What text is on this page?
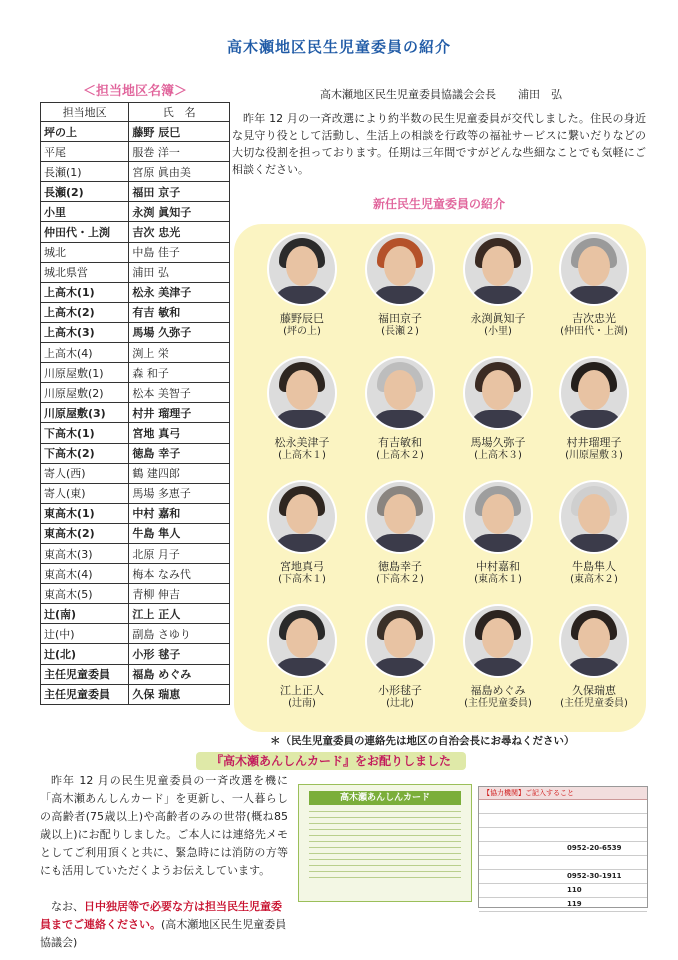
高木瀬地区民生児童委員の紹介
＜担当地区名簿＞
担当地区	氏　名
坪の上	藤野 辰巳
平尾	服巻 洋一
長瀬(1)	宮原 眞由美
長瀬(2)	福田 京子
小里	永渕 眞知子
仲田代・上渕	吉次 忠光
城北	中島 佳子
城北県営	浦田 弘
上高木(1)	松永 美津子
上高木(2)	有吉 敏和
上高木(3)	馬場 久弥子
上高木(4)	渕上 栄
川原屋敷(1)	森 和子
川原屋敷(2)	松本 美智子
川原屋敷(3)	村井 瑠理子
下高木(1)	宮地 真弓
下高木(2)	徳島 幸子
寄人(西)	鶴 建四郎
寄人(東)	馬場 多恵子
東高木(1)	中村 嘉和
東高木(2)	牛島 隼人
東高木(3)	北原 月子
東高木(4)	梅本 なみ代
東高木(5)	青柳 伸吉
辻(南)	江上 正人
辻(中)	副島 さゆり
辻(北)	小形 毬子
主任児童委員	福島 めぐみ
主任児童委員	久保 瑞恵
高木瀬地区民生児童委員協議会会長　　浦田　弘
昨年 12 月の一斉改選により約半数の民生児童委員が交代しました。住民の身近な見守り役として活動し、生活上の相談を行政等の福祉サービスに繋いだりなどの大切な役割を担っております。任期は三年間ですがどんな些細なことでも気軽にご相談ください。
新任民生児童委員の紹介
藤野辰巳
(坪の上)
福田京子
(長瀬２)
永渕眞知子
(小里)
吉次忠光
(仲田代・上渕)
松永美津子
(上高木１)
有吉敏和
(上高木２)
馬場久弥子
(上高木３)
村井瑠理子
(川原屋敷３)
宮地真弓
(下高木１)
徳島幸子
(下高木２)
中村嘉和
(東高木１)
牛島隼人
(東高木２)
江上正人
(辻南)
小形毬子
(辻北)
福島めぐみ
(主任児童委員)
久保瑞恵
(主任児童委員)
＊（民生児童委員の連絡先は地区の自治会長にお尋ねください）
『高木瀬あんしんカード』をお配りしました
昨年 12 月の民生児童委員の一斉改選を機に「高木瀬あんしんカード」を更新し、一人暮らしの高齢者(75歳以上)や高齢者のみの世帯(概ね85歳以上)にお配りしました。ご本人には連絡先メモとしてご利用頂くと共に、緊急時には消防の方等にも活用していただくようお伝えしています。
なお、日中独居等で必要な方は担当民生児童委員までご連絡ください。(高木瀬地区民生児童委員協議会)
高木瀬あんしんカード	【協力機関】ご記入すること
0952-20-6539
0952-30-1911
110
119
